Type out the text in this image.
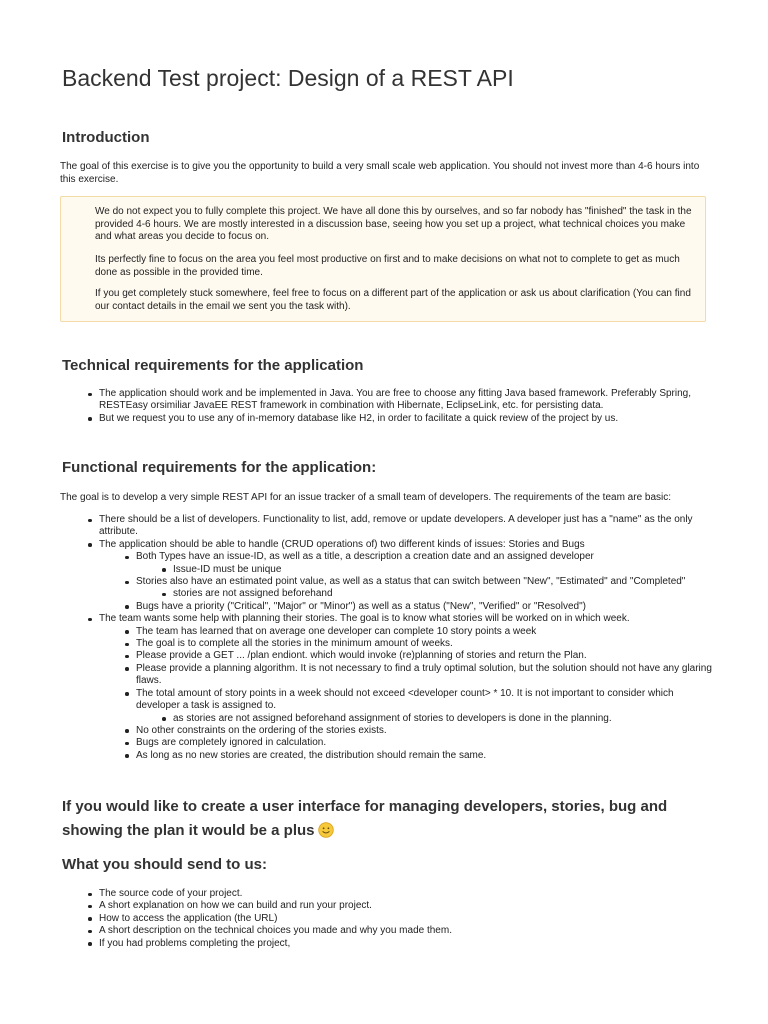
Backend Test project: Design of a REST API
Introduction

The goal of this exercise is to give you the opportunity to build a very small scale web application. You should not invest more than 4-6 hours into this exercise.

We do not expect you to fully complete this project. We have all done this by ourselves, and so far nobody has "finished" the task in the provided 4-6 hours. We are mostly interested in a discussion base, seeing how you set up a project, what technical choices you make and what areas you decide to focus on.

Its perfectly fine to focus on the area you feel most productive on first and to make decisions on what not to complete to get as much done as possible in the provided time.

If you get completely stuck somewhere, feel free to focus on a different part of the application or ask us about clarification (You can find our contact details in the email we sent you the task with).

Technical requirements for the application
The application should work and be implemented in Java. You are free to choose any fitting Java based framework. Preferably Spring, RESTEasy orsimiliar JavaEE REST framework in combination with Hibernate, EclipseLink, etc. for persisting data.
But we request you to use any of in-memory database like H2, in order to facilitate a quick review of the project by us.
Functional requirements for the application:

The goal is to develop a very simple REST API for an issue tracker of a small team of developers. The requirements of the team are basic:

There should be a list of developers. Functionality to list, add, remove or update developers. A developer just has a "name" as the only attribute.
The application should be able to handle (CRUD operations of) two different kinds of issues: Stories and Bugs
Both Types have an issue-ID, as well as a title, a description a creation date and an assigned developer
Issue-ID must be unique
Stories also have an estimated point value, as well as a status that can switch between "New", "Estimated" and "Completed"
stories are not assigned beforehand
Bugs have a priority ("Critical", "Major" or "Minor") as well as a status ("New", "Verified" or "Resolved")
The team wants some help with planning their stories. The goal is to know what stories will be worked on in which week.
The team has learned that on average one developer can complete 10 story points a week
The goal is to complete all the stories in the minimum amount of weeks.
Please provide a GET ... /plan endiont. which would invoke (re)planning of stories and return the Plan.
Please provide a planning algorithm. It is not necessary to find a truly optimal solution, but the solution should not have any glaring flaws.
The total amount of story points in a week should not exceed <developer count> * 10. It is not important to consider which developer a task is assigned to.
as stories are not assigned beforehand assignment of stories to developers is done in the planning.
No other constraints on the ordering of the stories exists.
Bugs are completely ignored in calculation.
As long as no new stories are created, the distribution should remain the same.
If you would like to create a user interface for managing developers, stories, bug and showing the plan it would be a plus
What you should send to us:
The source code of your project.
A short explanation on how we can build and run your project.
How to access the application (the URL)
A short description on the technical choices you made and why you made them.
If you had problems completing the project,
